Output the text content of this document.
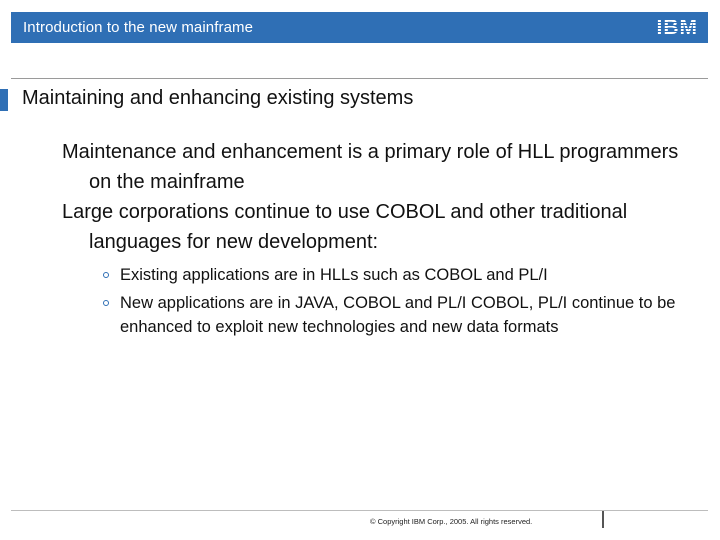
Introduction to the new mainframe	IBM
Maintaining and enhancing existing systems

Maintenance and enhancement is a primary role of HLL programmers on the mainframe

Large corporations continue to use COBOL and other traditional languages for new development:

Existing applications are in HLLs such as COBOL and PL/I
New applications are in JAVA, COBOL and PL/I COBOL, PL/I continue to be enhanced to exploit new technologies and new data formats
© Copyright IBM Corp., 2005. All rights reserved.
